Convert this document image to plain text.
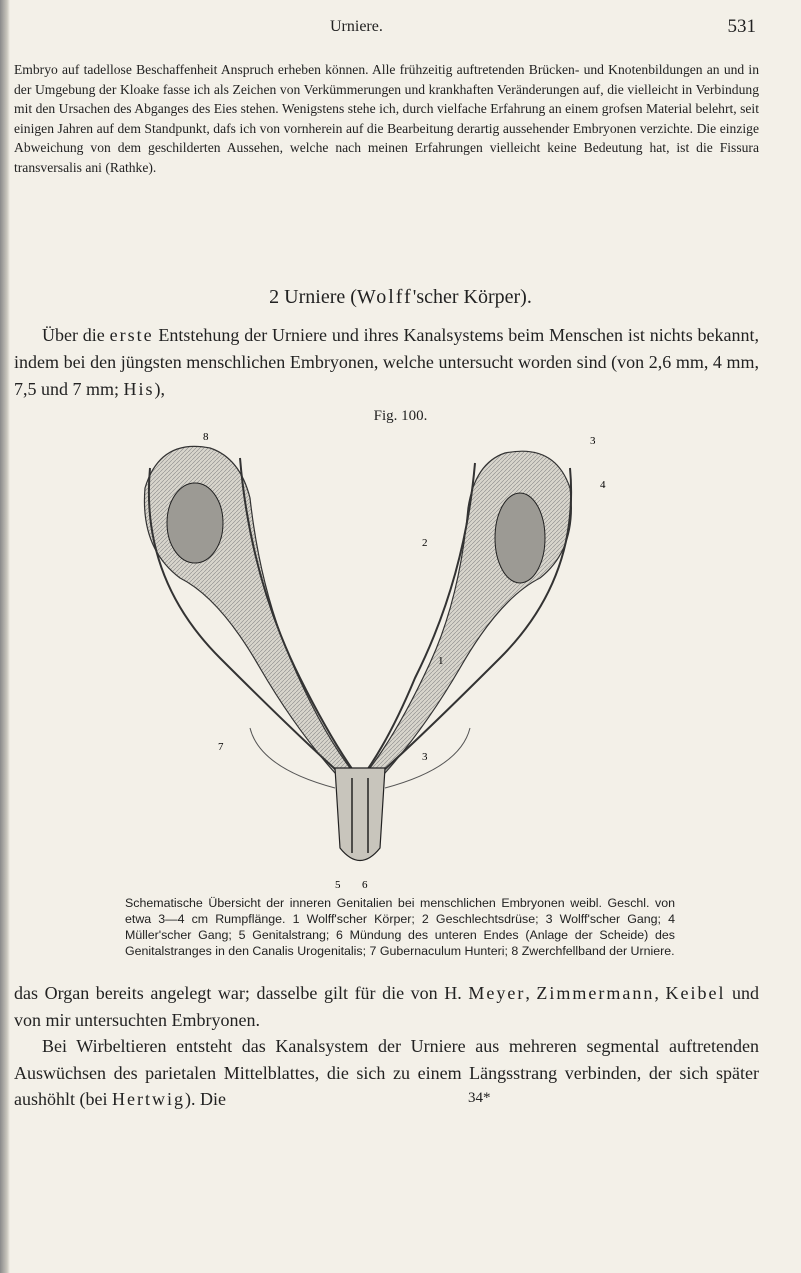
Urniere.	531

Embryo auf tadellose Beschaffenheit Anspruch erheben können. Alle frühzeitig auftretenden Brücken- und Knotenbildungen an und in der Umgebung der Kloake fasse ich als Zeichen von Verkümmerungen und krankhaften Veränderungen auf, die vielleicht in Verbindung mit den Ursachen des Abganges des Eies stehen. Wenigstens stehe ich, durch vielfache Erfahrung an einem grofsen Material belehrt, seit einigen Jahren auf dem Standpunkt, dafs ich von vornherein auf die Bearbeitung derartig aussehender Embryonen verzichte. Die einzige Abweichung von dem geschilderten Aussehen, welche nach meinen Erfahrungen vielleicht keine Bedeutung hat, ist die Fissura transversalis ani (Rathke).

2 Urniere (Wolff'scher Körper).

Über die erste Entstehung der Urniere und ihres Kanalsystems beim Menschen ist nichts bekannt, indem bei den jüngsten menschlichen Embryonen, welche untersucht worden sind (von 2,6 mm, 4 mm, 7,5 und 7 mm; His),

Fig. 100.
8	3
4
2
1
7
3
5 6
Schematische Übersicht der inneren Genitalien bei menschlichen Embryonen weibl. Geschl. von etwa 3—4 cm Rumpflänge. 1 Wolff'scher Körper; 2 Geschlechtsdrüse; 3 Wolff'scher Gang; 4 Müller'scher Gang; 5 Genitalstrang; 6 Mündung des unteren Endes (Anlage der Scheide) des Genitalstranges in den Canalis Urogenitalis; 7 Gubernaculum Hunteri; 8 Zwerchfellband der Urniere.

das Organ bereits angelegt war; dasselbe gilt für die von H. Meyer, Zimmermann, Keibel und von mir untersuchten Embryonen.

Bei Wirbeltieren entsteht das Kanalsystem der Urniere aus mehreren segmental auftretenden Auswüchsen des parietalen Mittelblattes, die sich zu einem Längsstrang verbinden, der sich später aushöhlt (bei Hertwig). Die	34*
